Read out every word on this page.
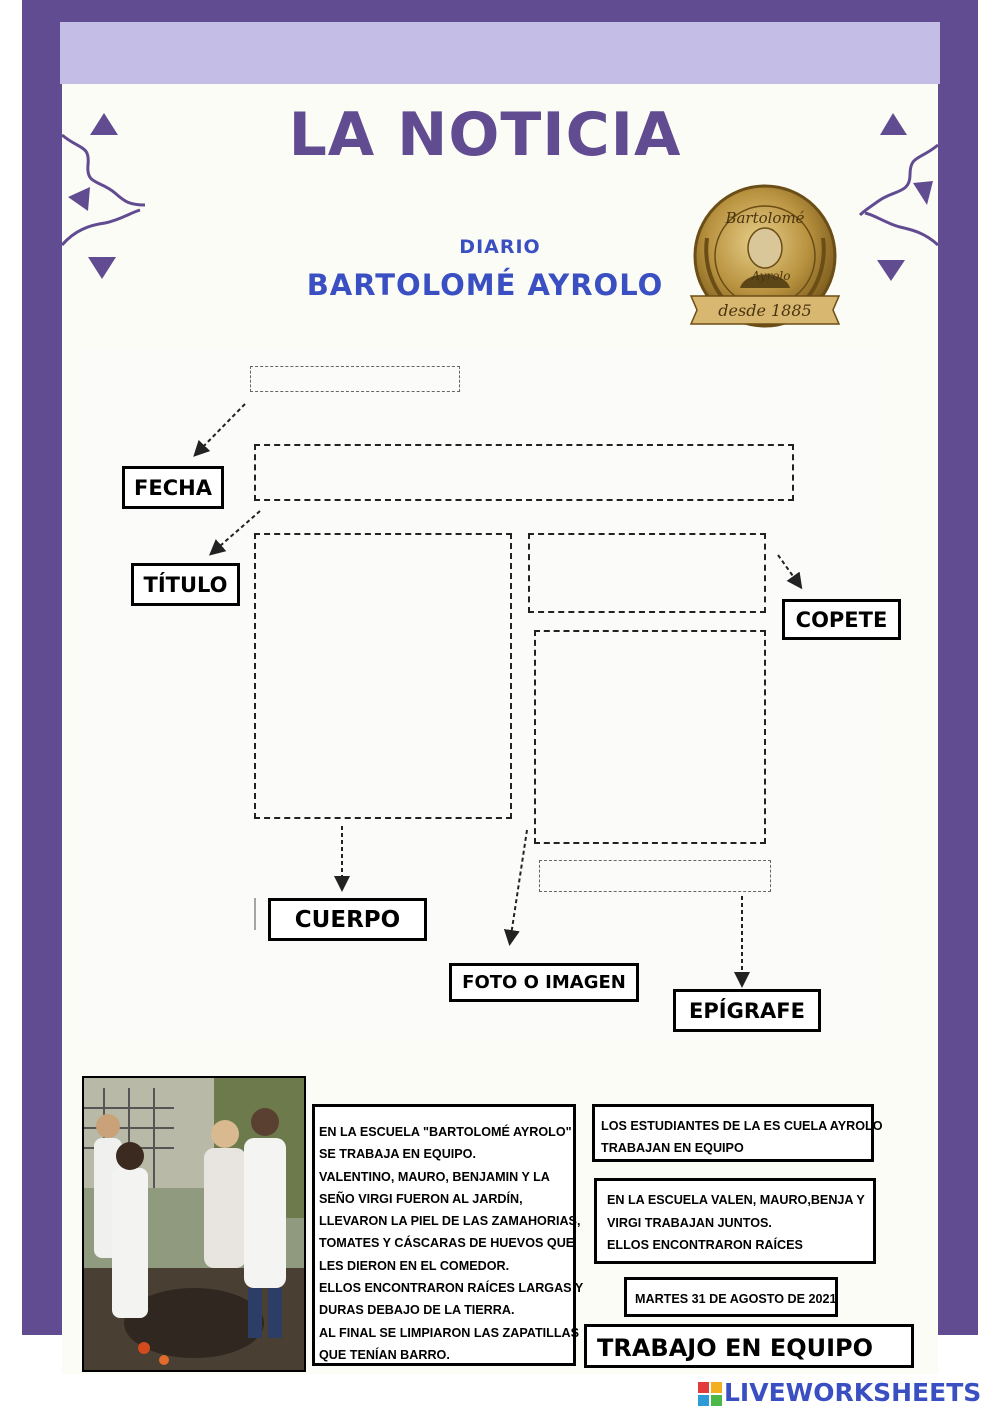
LA NOTICIA
DIARIO
BARTOLOMÉ AYROLO
Bartolomé
Ayrolo
desde 1885
FECHA
TÍTULO
COPETE
CUERPO
FOTO O IMAGEN
EPÍGRAFE
EN LA ESCUELA "BARTOLOMÉ AYROLO"
SE TRABAJA EN EQUIPO.
VALENTINO, MAURO, BENJAMIN Y LA
SEÑO VIRGI FUERON AL JARDÍN,
LLEVARON LA PIEL DE LAS ZAMAHORIAS,
TOMATES Y CÁSCARAS DE HUEVOS QUE
LES DIERON EN EL COMEDOR.
ELLOS ENCONTRARON RAÍCES LARGAS Y
DURAS DEBAJO DE LA TIERRA.
AL FINAL SE LIMPIARON LAS ZAPATILLAS
QUE TENÍAN BARRO.
LOS ESTUDIANTES DE LA ES CUELA AYROLO
TRABAJAN EN EQUIPO
EN LA ESCUELA VALEN, MAURO,BENJA Y
VIRGI TRABAJAN JUNTOS.
ELLOS ENCONTRARON RAÍCES
MARTES 31 DE AGOSTO DE 2021
TRABAJO EN EQUIPO
LIVEWORKSHEETS
